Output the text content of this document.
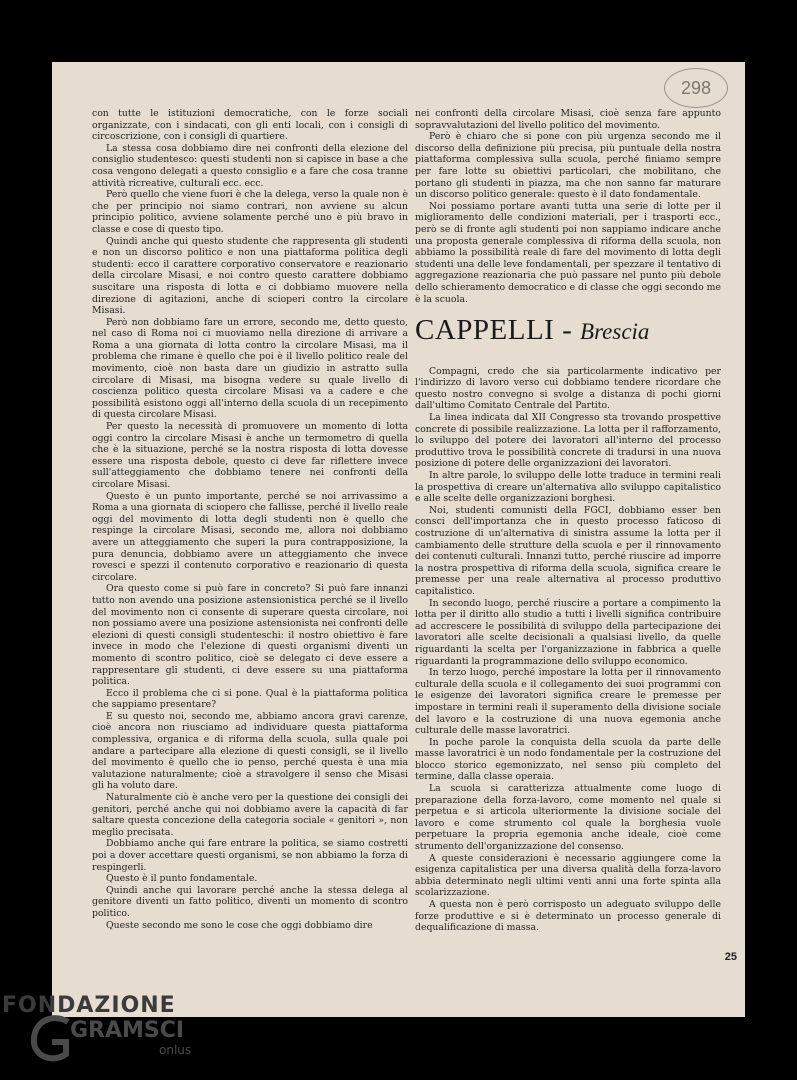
298

con tutte le istituzioni democratiche, con le forze sociali organizzate, con i sindacati, con gli enti locali, con i consigli di circoscrizione, con i consigli di quartiere.

La stessa cosa dobbiamo dire nei confronti della elezione del consiglio studentesco: questi studenti non si capisce in base a che cosa vengono delegati a questo consiglio e a fare che cosa tranne attività ricreative, culturali ecc. ecc.

Però quello che viene fuori è che la delega, verso la quale non è che per principio noi siamo contrari, non avviene su alcun principio politico, avviene solamente perché uno è più bravo in classe e cose di questo tipo.

Quindi anche qui questo studente che rappresenta gli studenti e non un discorso politico e non una piattaforma politica degli studenti: ecco il carattere corporativo conservatore e reazionario della circolare Misasi, e noi contro questo carattere dobbiamo suscitare una risposta di lotta e ci dobbiamo muovere nella direzione di agitazioni, anche di scioperi contro la circolare Misasi.

Però non dobbiamo fare un errore, secondo me, detto questo, nel caso di Roma noi ci muoviamo nella direzione di arrivare a Roma a una giornata di lotta contro la circolare Misasi, ma il problema che rimane è quello che poi è il livello politico reale del movimento, cioè non basta dare un giudizio in astratto sulla circolare di Misasi, ma bisogna vedere su quale livello di coscienza politico questa circolare Misasi va a cadere e che possibilità esistono oggi all'interno della scuola di un recepimento di questa circolare Misasi.

Per questo la necessità di promuovere un momento di lotta oggi contro la circolare Misasi è anche un termometro di quella che è la situazione, perché se la nostra risposta di lotta dovesse essere una risposta debole, questo ci deve far riflettere invece sull'atteggiamento che dobbiamo tenere nei confronti della circolare Misasi.

Questo è un punto importante, perché se noi arrivassimo a Roma a una giornata di sciopero che fallisse, perché il livello reale oggi del movimento di lotta degli studenti non è quello che respinge la circolare Misasi, secondo me, allora noi dobbiamo avere un atteggiamento che superi la pura contrapposizione, la pura denuncia, dobbiamo avere un atteggiamento che invece rovesci e spezzi il contenuto corporativo e reazionario di questa circolare.

Ora questo come si può fare in concreto? Si può fare innanzi tutto non avendo una posizione astensionistica perché se il livello del movimento non ci consente di superare questa circolare, noi non possiamo avere una posizione astensionista nei confronti delle elezioni di questi consigli studenteschi: il nostro obiettivo è fare invece in modo che l'elezione di questi organismi diventi un momento di scontro politico, cioè se delegato ci deve essere a rappresentare gli studenti, ci deve essere su una piattaforma politica.

Ecco il problema che ci si pone. Qual è la piattaforma politica che sappiamo presentare?

E su questo noi, secondo me, abbiamo ancora gravi carenze, cioè ancora non riusciamo ad individuare questa piattaforma complessiva, organica e di riforma della scuola, sulla quale poi andare a partecipare alla elezione di questi consigli, se il livello del movimento è quello che io penso, perché questa è una mia valutazione naturalmente; cioè a stravolgere il senso che Misasi gli ha voluto dare.

Naturalmente ciò è anche vero per la questione dei consigli dei genitori, perché anche qui noi dobbiamo avere la capacità di far saltare questa concezione della categoria sociale « genitori », non meglio precisata.

Dobbiamo anche qui fare entrare la politica, se siamo costretti poi a dover accettare questi organismi, se non abbiamo la forza di respingerli.

Questo è il punto fondamentale.

Quindi anche qui lavorare perché anche la stessa delega al genitore diventi un fatto politico, diventi un momento di scontro politico.

Queste secondo me sono le cose che oggi dobbiamo dire

nei confronti della circolare Misasi, cioè senza fare appunto sopravvalutazioni del livello politico del movimento.

Però è chiaro che si pone con più urgenza secondo me il discorso della definizione più precisa, più puntuale della nostra piattaforma complessiva sulla scuola, perché finiamo sempre per fare lotte su obiettivi particolari, che mobilitano, che portano gli studenti in piazza, ma che non sanno far maturare un discorso politico generale: questo è il dato fondamentale.

Noi possiamo portare avanti tutta una serie di lotte per il miglioramento delle condizioni materiali, per i trasporti ecc., però se di fronte agli studenti poi non sappiamo indicare anche una proposta generale complessiva di riforma della scuola, non abbiamo la possibilità reale di fare del movimento di lotta degli studenti una delle leve fondamentali, per spezzare il tentativo di aggregazione reazionaria che può passare nel punto più debole dello schieramento democratico e di classe che oggi secondo me è la scuola.

CAPPELLI - Brescia

Compagni, credo che sia particolarmente indicativo per l'indirizzo di lavoro verso cui dobbiamo tendere ricordare che questo nostro convegno si svolge a distanza di pochi giorni dall'ultimo Comitato Centrale del Partito.

La linea indicata dal XII Congresso sta trovando prospettive concrete di possibile realizzazione. La lotta per il rafforzamento, lo sviluppo del potere dei lavoratori all'interno del processo produttivo trova le possibilità concrete di tradursi in una nuova posizione di potere delle organizzazioni dei lavoratori.

In altre parole, lo sviluppo delle lotte traduce in termini reali la prospettiva di creare un'alternativa allo sviluppo capitalistico e alle scelte delle organizzazioni borghesi.

Noi, studenti comunisti della FGCI, dobbiamo esser ben consci dell'importanza che in questo processo faticoso di costruzione di un'alternativa di sinistra assume la lotta per il cambiamento delle strutture della scuola e per il rinnovamento dei contenuti culturali. Innanzi tutto, perché riuscire ad imporre la nostra prospettiva di riforma della scuola, significa creare le premesse per una reale alternativa al processo produttivo capitalistico.

In secondo luogo, perché riuscire a portare a compimento la lotta per il diritto allo studio a tutti i livelli significa contribuire ad accrescere le possibilità di sviluppo della partecipazione dei lavoratori alle scelte decisionali a qualsiasi livello, da quelle riguardanti la scelta per l'organizzazione in fabbrica a quelle riguardanti la programmazione dello sviluppo economico.

In terzo luogo, perché impostare la lotta per il rinnovamento culturale della scuola e il collegamento dei suoi programmi con le esigenze dei lavoratori significa creare le premesse per impostare in termini reali il superamento della divisione sociale del lavoro e la costruzione di una nuova egemonia anche culturale delle masse lavoratrici.

In poche parole la conquista della scuola da parte delle masse lavoratrici è un nodo fondamentale per la costruzione del blocco storico egemonizzato, nel senso più completo del termine, dalla classe operaia.

La scuola si caratterizza attualmente come luogo di preparazione della forza-lavoro, come momento nel quale si perpetua e si articola ulteriormente la divisione sociale del lavoro e come strumento col quale la borghesia vuole perpetuare la propria egemonia anche ideale, cioè come strumento dell'organizzazione del consenso.

A queste considerazioni è necessario aggiungere come la esigenza capitalistica per una diversa qualità della forza-lavoro abbia determinato negli ultimi venti anni una forte spinta alla scolarizzazione.

A questa non è però corrisposto un adeguato sviluppo delle forze produttive e si è determinato un processo generale di dequalificazione di massa.

25
FONDAZIONE
GRAMSCI
onlus
